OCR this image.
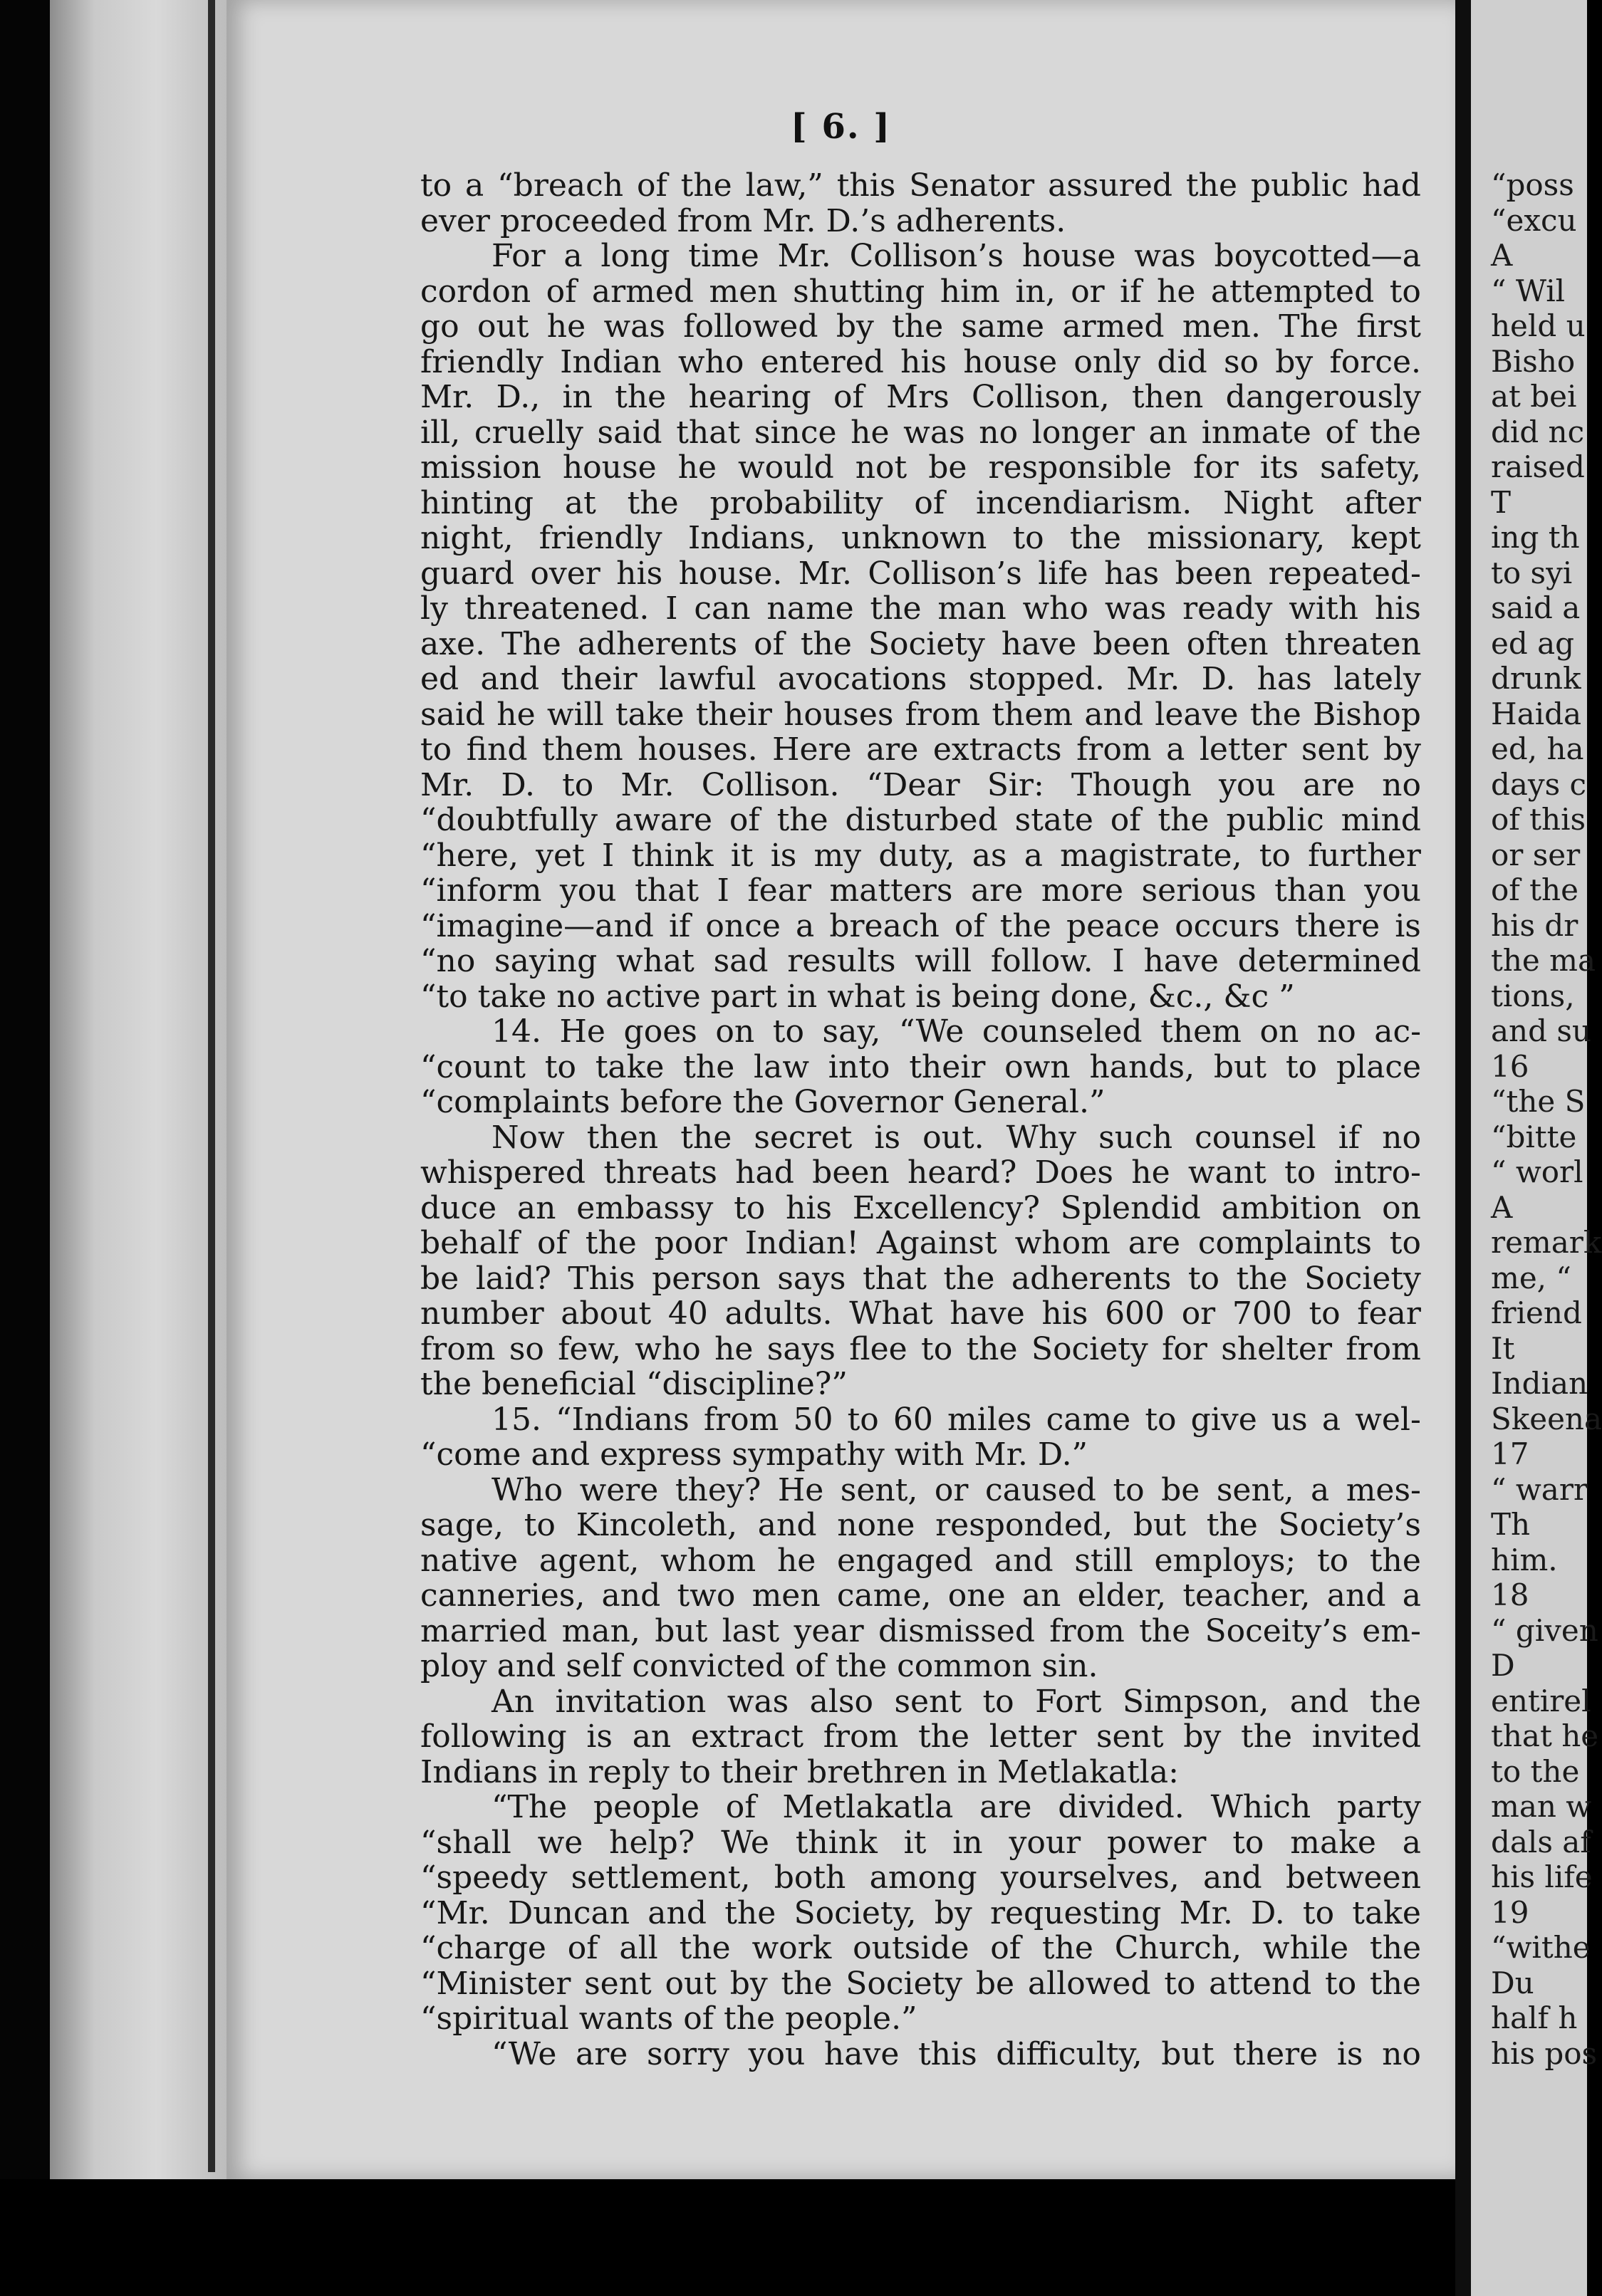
[ 6. ]
to a “breach of the law,” this Senator assured the public had
ever proceeded from Mr. D.’s adherents.
For a long time Mr. Collison’s house was boycotted—a
cordon of armed men shutting him in, or if he attempted to
go out he was followed by the same armed men. The first
friendly Indian who entered his house only did so by force.
Mr. D., in the hearing of Mrs Collison, then dangerously
ill, cruelly said that since he was no longer an inmate of the
mission house he would not be responsible for its safety,
hinting at the probability of incendiarism. Night after
night, friendly Indians, unknown to the missionary, kept
guard over his house. Mr. Collison’s life has been repeated-
ly threatened. I can name the man who was ready with his
axe. The adherents of the Society have been often threaten
ed and their lawful avocations stopped. Mr. D. has lately
said he will take their houses from them and leave the Bishop
to find them houses. Here are extracts from a letter sent by
Mr. D. to Mr. Collison. “Dear Sir: Though you are no
“doubtfully aware of the disturbed state of the public mind
“here, yet I think it is my duty, as a magistrate, to further
“inform you that I fear matters are more serious than you
“imagine—and if once a breach of the peace occurs there is
“no saying what sad results will follow. I have determined
“to take no active part in what is being done, &c., &c ”
14. He goes on to say, “We counseled them on no ac-
“count to take the law into their own hands, but to place
“complaints before the Governor General.”
Now then the secret is out. Why such counsel if no
whispered threats had been heard? Does he want to intro-
duce an embassy to his Excellency? Splendid ambition on
behalf of the poor Indian! Against whom are complaints to
be laid? This person says that the adherents to the Society
number about 40 adults. What have his 600 or 700 to fear
from so few, who he says flee to the Society for shelter from
the beneficial “discipline?”
15. “Indians from 50 to 60 miles came to give us a wel-
“come and express sympathy with Mr. D.”
Who were they? He sent, or caused to be sent, a mes-
sage, to Kincoleth, and none responded, but the Society’s
native agent, whom he engaged and still employs; to the
canneries, and two men came, one an elder, teacher, and a
married man, but last year dismissed from the Soceity’s em-
ploy and self convicted of the common sin.
An invitation was also sent to Fort Simpson, and the
following is an extract from the letter sent by the invited
Indians in reply to their brethren in Metlakatla:
“The people of Metlakatla are divided. Which party
“shall we help? We think it in your power to make a
“speedy settlement, both among yourselves, and between
“Mr. Duncan and the Society, by requesting Mr. D. to take
“charge of all the work outside of the Church, while the
“Minister sent out by the Society be allowed to attend to the
“spiritual wants of the people.”
“We are sorry you have this difficulty, but there is no
“poss
“excu
A
“ Wil
held u
Bisho
at bei
did nc
raised
T
ing th
to syi
said a
ed ag
drunk
Haida
ed, ha
days c
of this
or ser
of the
his dr
the ma
tions,
and su
16
“the S
“bitte
“ worl
A
remark
me, “
friend
It
Indian
Skeena
17
“ warr
Th
him.
18
“ given
D
entirel
that he
to the
man w
dals af
his life
19
“withe
Du
half h
his pos
